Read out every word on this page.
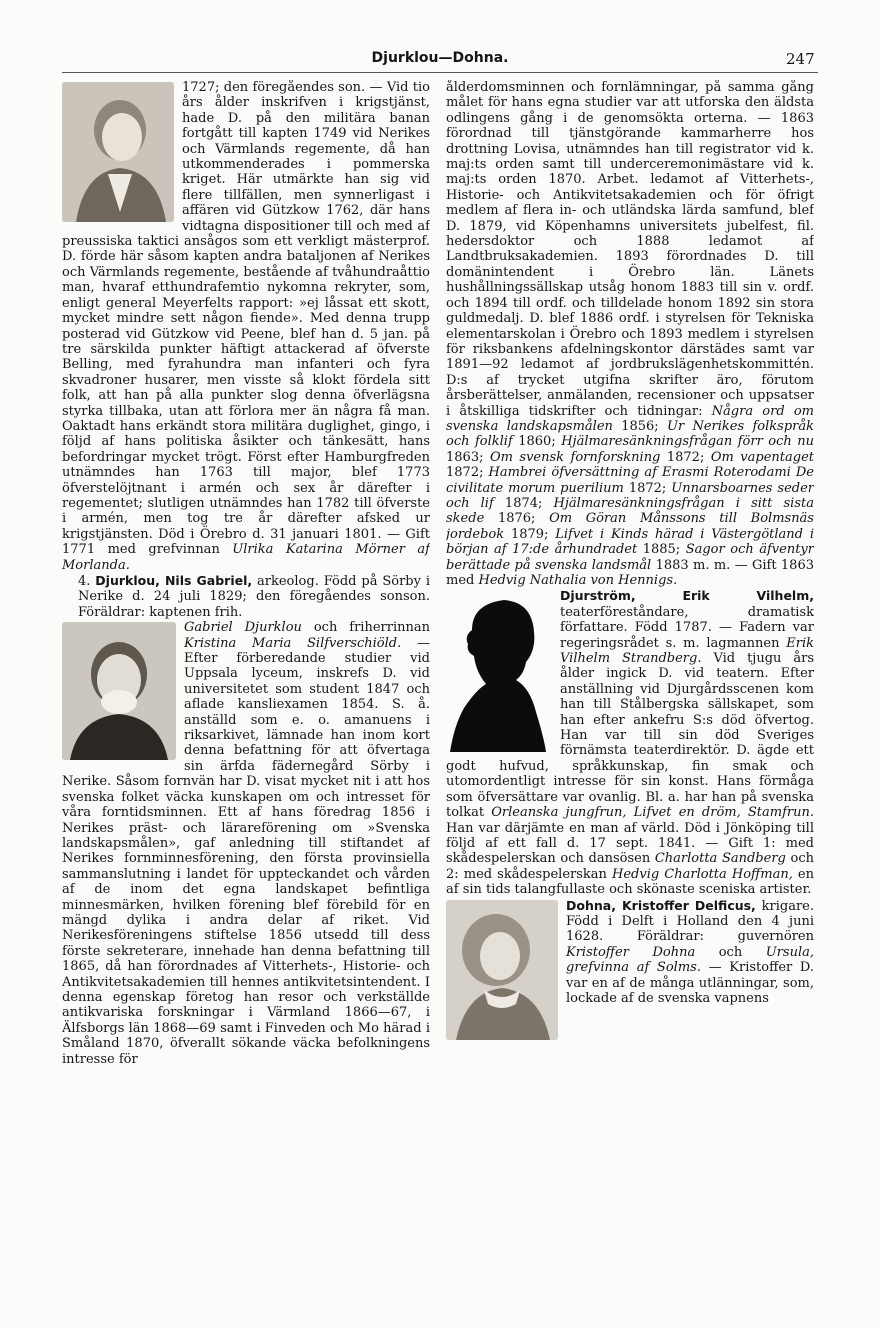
Djurklou—Dohna.	247

1727; den föregåendes son. — Vid tio års ålder inskrifven i krigstjänst, hade D. på den militära banan fortgått till kapten 1749 vid Nerikes och Värmlands regemente, då han utkommenderades i pommerska kriget. Här utmärkte han sig vid flere tillfällen, men synnerligast i affären vid Gützkow 1762, där hans vidtagna dispositioner till och med af preussiska taktici ansågos som ett verkligt mästerprof. D. förde här såsom kapten andra bataljonen af Nerikes och Värmlands regemente, bestående af tvåhundraåttio man, hvaraf etthundrafemtio nykomna rekryter, som, enligt general Meyerfelts rapport: »ej låssat ett skott, mycket mindre sett någon fiende». Med denna trupp posterad vid Gützkow vid Peene, blef han d. 5 jan. på tre särskilda punkter häftigt attackerad af öfverste Belling, med fyrahundra man infanteri och fyra skvadroner husarer, men visste så klokt fördela sitt folk, att han på alla punkter slog denna öfverlägsna styrka tillbaka, utan att förlora mer än några få man. Oaktadt hans erkändt stora militära duglighet, gingo, i följd af hans politiska åsikter och tänkesätt, hans befordringar mycket trögt. Först efter Hamburgfreden utnämndes han 1763 till major, blef 1773 öfverstelöjtnant i armén och sex år därefter i regementet; slutligen utnämndes han 1782 till öfverste i armén, men tog tre år därefter afsked ur krigstjänsten. Död i Örebro d. 31 januari 1801. — Gift 1771 med grefvinnan Ulrika Katarina Mörner af Morlanda.

4. Djurklou, Nils Gabriel, arkeolog. Född på Sörby i Nerike d. 24 juli 1829; den föregåendes sonson. Föräldrar: kaptenen frih.

Gabriel Djurklou och friherrinnan Kristina Maria Silfverschiöld. — Efter förberedande studier vid Uppsala lyceum, inskrefs D. vid universitetet som student 1847 och aflade kansliexamen 1854. S. å. anställd som e. o. amanuens i riksarkivet, lämnade han inom kort denna befattning för att öfvertaga sin ärfda fädernegård Sörby i Nerike. Såsom fornvän har D. visat mycket nit i att hos svenska folket väcka kunskapen om och intresset för våra forntidsminnen. Ett af hans föredrag 1856 i Nerikes präst- och lärareförening om »Svenska landskapsmålen», gaf anledning till stiftandet af Nerikes fornminnesförening, den första provinsiella sammanslutning i landet för uppteckandet och vården af de inom det egna landskapet befintliga minnesmärken, hvilken förening blef förebild för en mängd dylika i andra delar af riket. Vid Nerikesföreningens stiftelse 1856 utsedd till dess förste sekreterare, innehade han denna befattning till 1865, då han förordnades af Vitterhets-, Historie- och Antikvitetsakademien till hennes antikvitetsintendent. I denna egenskap företog han resor och verkställde antikvariska forskningar i Värmland 1866—67, i Älfsborgs län 1868—69 samt i Finveden och Mo härad i Småland 1870, öfverallt sökande väcka befolkningens intresse för

ålderdomsminnen och fornlämningar, på samma gång målet för hans egna studier var att utforska den äldsta odlingens gång i de genomsökta orterna. — 1863 förordnad till tjänstgörande kammarherre hos drottning Lovisa, utnämndes han till registrator vid k. maj:ts orden samt till underceremonimästare vid k. maj:ts orden 1870. Arbet. ledamot af Vitterhets-, Historie- och Antikvitetsakademien och för öfrigt medlem af flera in- och utländska lärda samfund, blef D. 1879, vid Köpenhamns universitets jubelfest, fil. hedersdoktor och 1888 ledamot af Landtbruksakademien. 1893 förordnades D. till domänintendent i Örebro län. Länets hushållningssällskap utsåg honom 1883 till sin v. ordf. och 1894 till ordf. och tilldelade honom 1892 sin stora guldmedalj. D. blef 1886 ordf. i styrelsen för Tekniska elementarskolan i Örebro och 1893 medlem i styrelsen för riksbankens afdelningskontor därstädes samt var 1891—92 ledamot af jordbrukslägenhetskommittén. D:s af trycket utgifna skrifter äro, förutom årsberättelser, anmälanden, recensioner och uppsatser i åtskilliga tidskrifter och tidningar: Några ord om svenska landskapsmålen 1856; Ur Nerikes folkspråk och folklif 1860; Hjälmaresänkningsfrågan förr och nu 1863; Om svensk fornforskning 1872; Om vapentaget 1872; Hambrei öfversättning af Erasmi Roterodami De civilitate morum puerilium 1872; Unnarsboarnes seder och lif 1874; Hjälmaresänkningsfrågan i sitt sista skede 1876; Om Göran Månssons till Bolmsnäs jordebok 1879; Lifvet i Kinds härad i Västergötland i början af 17:de århundradet 1885; Sagor och äfventyr berättade på svenska landsmål 1883 m. m. — Gift 1863 med Hedvig Nathalia von Hennigs.

Djurström, Erik Vilhelm, teaterföreståndare, dramatisk författare. Född 1787. — Fadern var regeringsrådet s. m. lagmannen Erik Vilhelm Strandberg. Vid tjugu års ålder ingick D. vid teatern. Efter anställning vid Djurgårdsscenen kom han till Stålbergska sällskapet, som han efter ankefru S:s död öfvertog. Han var till sin död Sveriges förnämsta teaterdirektör. D. ägde ett godt hufvud, språkkunskap, fin smak och utomordentligt intresse för sin konst. Hans förmåga som öfversättare var ovanlig. Bl. a. har han på svenska tolkat Orleanska jungfrun, Lifvet en dröm, Stamfrun. Han var därjämte en man af värld. Död i Jönköping till följd af ett fall d. 17 sept. 1841. — Gift 1: med skådespelerskan och dansösen Charlotta Sandberg och 2: med skådespelerskan Hedvig Charlotta Hoffman, en af sin tids talangfullaste och skönaste sceniska artister.

Dohna, Kristoffer Delficus, krigare. Född i Delft i Holland den 4 juni 1628. Föräldrar: guvernören Kristoffer Dohna och Ursula, grefvinna af Solms. — Kristoffer D. var en af de många utlänningar, som, lockade af de svenska vapnens
